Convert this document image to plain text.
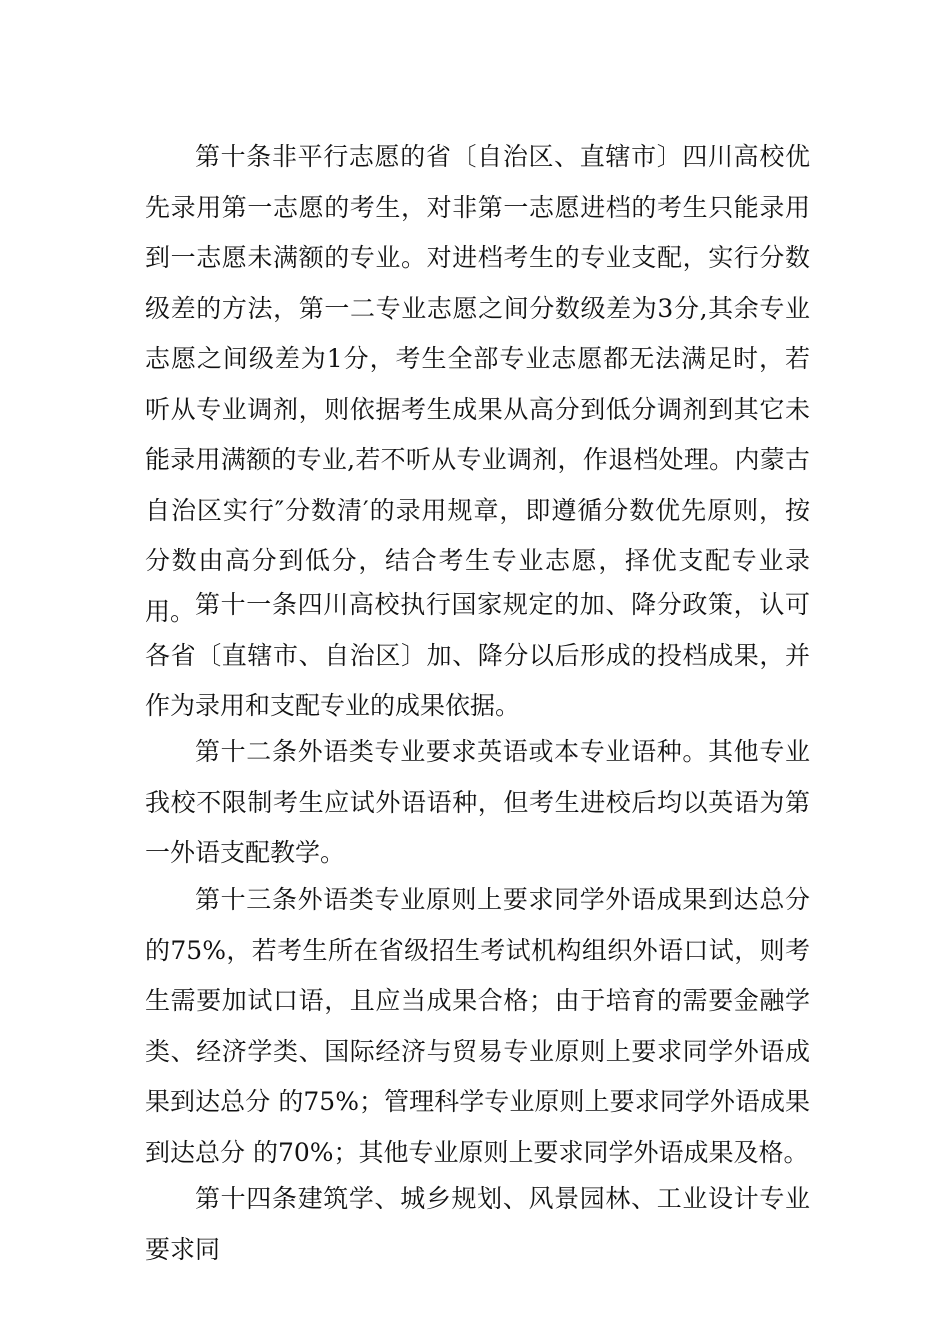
第十条非平行志愿的省〔自治区、直辖市〕四川高校优先录用第一志愿的考生，对非第一志愿进档的考生只能录用到一志愿未满额的专业。对进档考生的专业支配，实行分数级差的方法，第一二专业志愿之间分数级差为3分,其余专业志愿之间级差为1分，考生全部专业志愿都无法满足时，若听从专业调剂，则依据考生成果从高分到低分调剂到其它未能录用满额的专业,若不听从专业调剂，作退档处理。内蒙古自治区实行″分数清′的录用规章，即遵循分数优先原则，按分数由高分到低分，结合考生专业志愿，择优支配专业录用。 第十一条四川高校执行国家规定的加、降分政策，认可各省〔直辖市、自治区〕加、降分以后形成的投档成果，并作为录用和支配专业的成果依据。

第十二条外语类专业要求英语或本专业语种。其他专业我校不限制考生应试外语语种，但考生进校后均以英语为第一外语支配教学。

第十三条外语类专业原则上要求同学外语成果到达总分 的75%，若考生所在省级招生考试机构组织外语口试，则考生需要加试口语，且应当成果合格；由于培育的需要金融学类、经济学类、国际经济与贸易专业原则上要求同学外语成果到达总分 的75%；管理科学专业原则上要求同学外语成果到达总分 的70%；其他专业原则上要求同学外语成果及格。

第十四条建筑学、城乡规划、风景园林、工业设计专业要求同
